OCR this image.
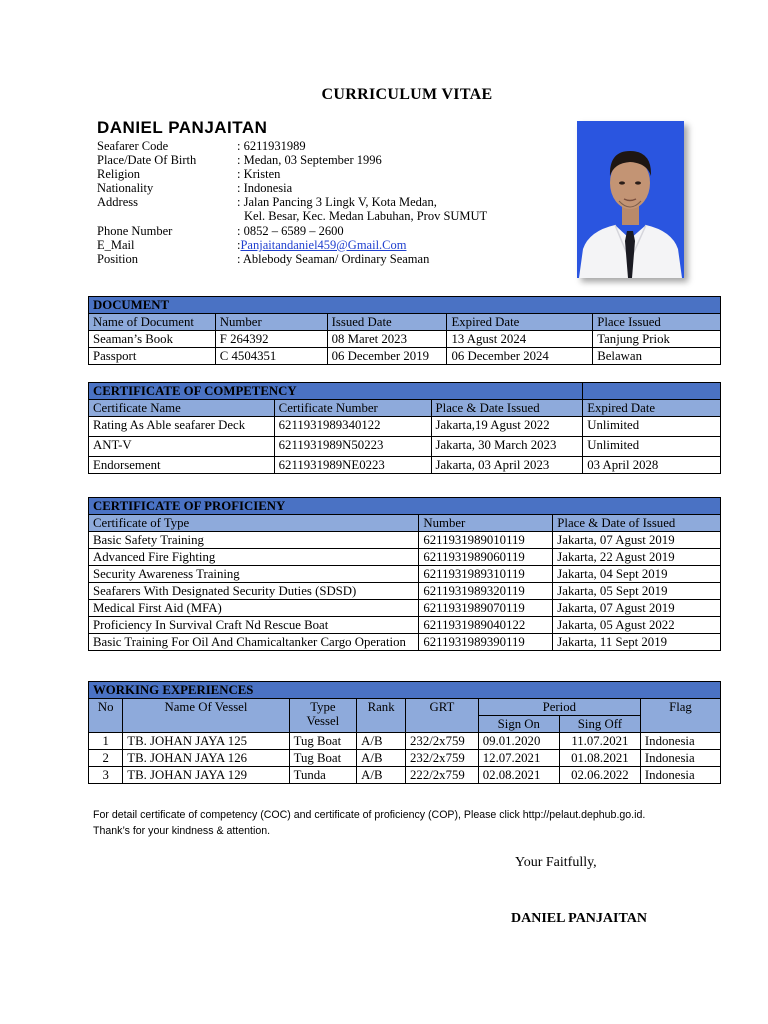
CURRICULUM VITAE
DANIEL PANJAITAN
Seafarer Code	: 6211931989
Place/Date Of Birth	: Medan, 03 September 1996
Religion	: Kristen
Nationality	: Indonesia
Address	: Jalan Pancing 3 Lingk V, Kota Medan,
Kel. Besar, Kec. Medan Labuhan, Prov SUMUT
Phone Number	: 0852 – 6589 – 2600
E_Mail	: Panjaitandaniel459@Gmail.Com
Position	: Ablebody Seaman/ Ordinary Seaman
DOCUMENT				
Name of Document	Number	Issued Date	Expired Date	Place Issued
Seaman’s Book	F 264392	08 Maret 2023	13 Agust 2024	Tanjung Priok
Passport	C 4504351	06 December 2019	06 December 2024	Belawan
CERTIFICATE OF COMPETENCY			
Certificate Name	Certificate Number	Place & Date Issued	Expired Date
Rating As Able seafarer Deck	6211931989340122	Jakarta,19 Agust 2022	Unlimited
ANT-V	6211931989N50223	Jakarta, 30 March 2023	Unlimited
Endorsement	6211931989NE0223	Jakarta, 03 April 2023	03 April 2028
CERTIFICATE OF PROFICIENY		
Certificate of Type	Number	Place & Date of Issued
Basic Safety Training	6211931989010119	Jakarta, 07 Agust 2019
Advanced Fire Fighting	6211931989060119	Jakarta, 22 Agust 2019
Security Awareness Training	6211931989310119	Jakarta, 04 Sept 2019
Seafarers With Designated Security Duties (SDSD)	6211931989320119	Jakarta, 05 Sept 2019
Medical First Aid (MFA)	6211931989070119	Jakarta, 07 Agust 2019
Proficiency In Survival Craft Nd Rescue Boat	6211931989040122	Jakarta, 05 Agust 2022
Basic Training For Oil And Chamicaltanker Cargo Operation	6211931989390119	Jakarta, 11 Sept 2019
WORKING EXPERIENCES							
No	Name Of Vessel	Type Vessel	Rank	GRT	Period		Flag
					Sign On	Sing Off	
1	TB. JOHAN JAYA 125	Tug Boat	A/B	232/2x759	09.01.2020	11.07.2021	Indonesia
2	TB. JOHAN JAYA 126	Tug Boat	A/B	232/2x759	12.07.2021	01.08.2021	Indonesia
3	TB. JOHAN JAYA 129	Tunda	A/B	222/2x759	02.08.2021	02.06.2022	Indonesia
For detail certificate of competency (COC) and certificate of proficiency (COP), Please click http://pelaut.dephub.go.id.
Thank’s for your kindness & attention.
Your Faitfully,
DANIEL PANJAITAN
